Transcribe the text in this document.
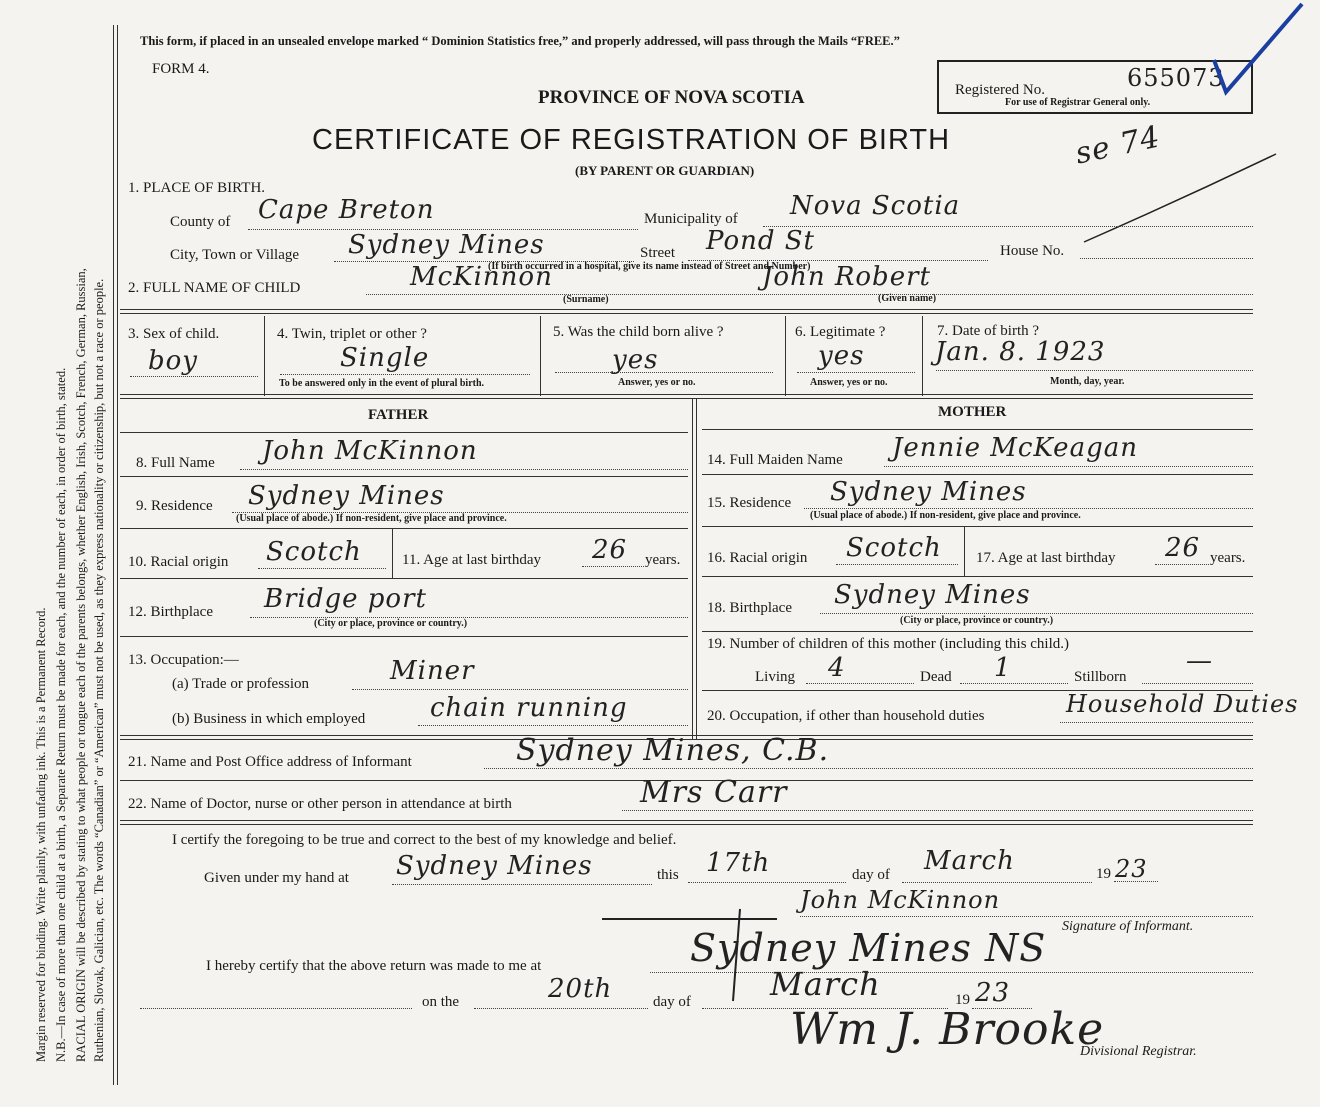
Margin reserved for binding. Write plainly, with unfading ink. This is a Permanent Record. N.B.—In case of more than one child at a birth, a Separate Return must be made for each, and the number of each, in order of birth, stated. RACIAL ORIGIN will be described by stating to what people or tongue each of the parents belongs, whether English, Irish, Scotch, French, German, Russian, Ruthenian, Slovak, Galician, etc. The words “Canadian” or “American” must not be used, as they express nationality or citizenship, but not a race or people.
This form, if placed in an unsealed envelope marked “ Dominion Statistics free,” and properly addressed, will pass through the Mails “FREE.”
FORM 4.
PROVINCE OF NOVA SCOTIA
CERTIFICATE OF REGISTRATION OF BIRTH
(BY PARENT OR GUARDIAN)
Registered No.	655073
For use of Registrar General only.
se 74
1. PLACE OF BIRTH.
County of Cape Breton	Municipality of Nova Scotia
City, Town or Village Sydney Mines	Street Pond St	House No.
(If birth occurred in a hospital, give its name instead of Street and Number)
2. FULL NAME OF CHILD	McKinnon
(Surname)
John Robert
(Given name)
3. Sex of child.
boy
4. Twin, triplet or other ?
Single
To be answered only in the event of plural birth.
5. Was the child born alive ?
yes
Answer, yes or no.
6. Legitimate ?
yes
Answer, yes or no.
7. Date of birth ?
Jan. 8. 1923
Month, day, year.
FATHER
8. Full Name John McKinnon
9. Residence Sydney Mines
(Usual place of abode.) If non-resident, give place and province.
10. Racial origin Scotch	11. Age at last birthday 26 years.
12. Birthplace Bridge port
(City or place, province or country.)
13. Occupation:—
(a) Trade or profession	Miner
(b) Business in which employed chain running
MOTHER
14. Full Maiden Name Jennie McKeagan
15. Residence Sydney Mines
(Usual place of abode.) If non-resident, give place and province.
16. Racial origin Scotch 17. Age at last birthday 26 years.
18. Birthplace Sydney Mines
(City or place, province or country.)
19. Number of children of this mother (including this child.)
Living 4	Dead 1	Stillborn
—
20. Occupation, if other than household duties	Household Duties
21. Name and Post Office address of Informant	Sydney Mines, C.B.
22. Name of Doctor, nurse or other person in attendance at birth	Mrs Carr
I certify the foregoing to be true and correct to the best of my knowledge and belief.
Given under my hand at Sydney Mines	this 17th	day of March	19 23
John McKinnon
Signature of Informant.
I hereby certify that the above return was made to me at	Sydney Mines NS
on the	20th	day of March	19 23
Wm J. Brooke
Divisional Registrar.
